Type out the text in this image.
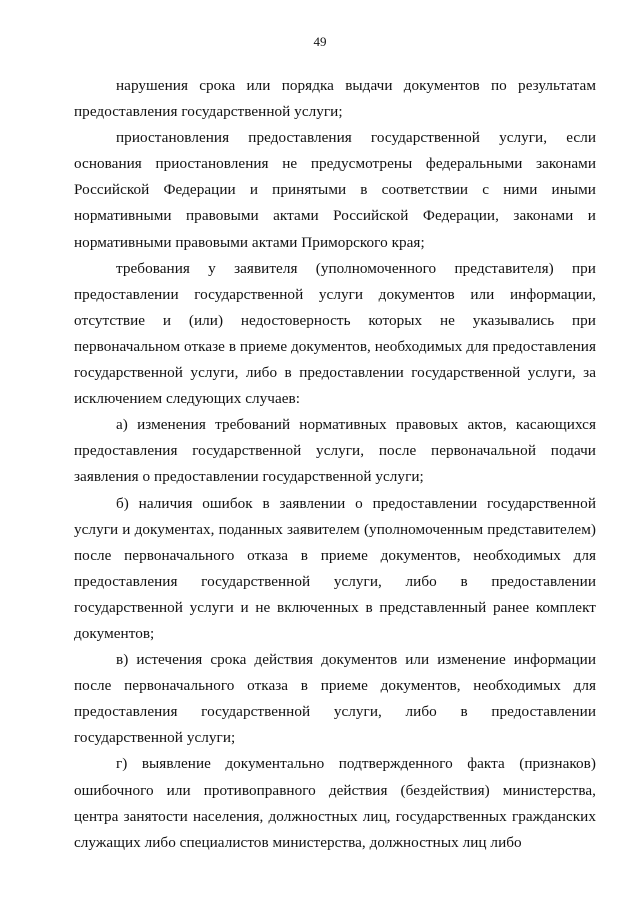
49

нарушения срока или порядка выдачи документов по результатам предоставления государственной услуги;

приостановления предоставления государственной услуги, если основания приостановления не предусмотрены федеральными законами Российской Федерации и принятыми в соответствии с ними иными нормативными правовыми актами Российской Федерации, законами и нормативными правовыми актами Приморского края;

требования у заявителя (уполномоченного представителя) при предоставлении государственной услуги документов или информации, отсутствие и (или) недостоверность которых не указывались при первоначальном отказе в приеме документов, необходимых для предоставления государственной услуги, либо в предоставлении государственной услуги, за исключением следующих случаев:

а) изменения требований нормативных правовых актов, касающихся предоставления государственной услуги, после первоначальной подачи заявления о предоставлении государственной услуги;

б) наличия ошибок в заявлении о предоставлении государственной услуги и документах, поданных заявителем (уполномоченным представителем) после первоначального отказа в приеме документов, необходимых для предоставления государственной услуги, либо в предоставлении государственной услуги и не включенных в представленный ранее комплект документов;

в) истечения срока действия документов или изменение информации после первоначального отказа в приеме документов, необходимых для предоставления государственной услуги, либо в предоставлении государственной услуги;

г) выявление документально подтвержденного факта (признаков) ошибочного или противоправного действия (бездействия) министерства, центра занятости населения, должностных лиц, государственных гражданских служащих либо специалистов министерства, должностных лиц либо
